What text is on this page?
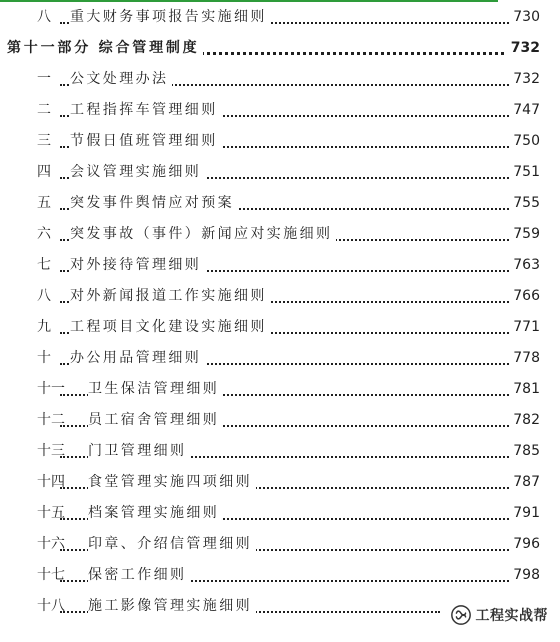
八 重大财务事项报告实施细则	730
第十一部分 综合管理制度	732
一 公文处理办法	732
二 工程指挥车管理细则	747
三 节假日值班管理细则	750
四 会议管理实施细则	751
五 突发事件舆情应对预案	755
六 突发事故（事件）新闻应对实施细则	759
七 对外接待管理细则	763
八 对外新闻报道工作实施细则	766
九 工程项目文化建设实施细则	771
十 办公用品管理细则	778
十一 卫生保洁管理细则	781
十二 员工宿舍管理细则	782
十三 门卫管理细则	785
十四 食堂管理实施四项细则	787
十五 档案管理实施细则	791
十六 印章、介绍信管理细则	796
十七 保密工作细则	798
十八 施工影像管理实施细则
工程实战帮
